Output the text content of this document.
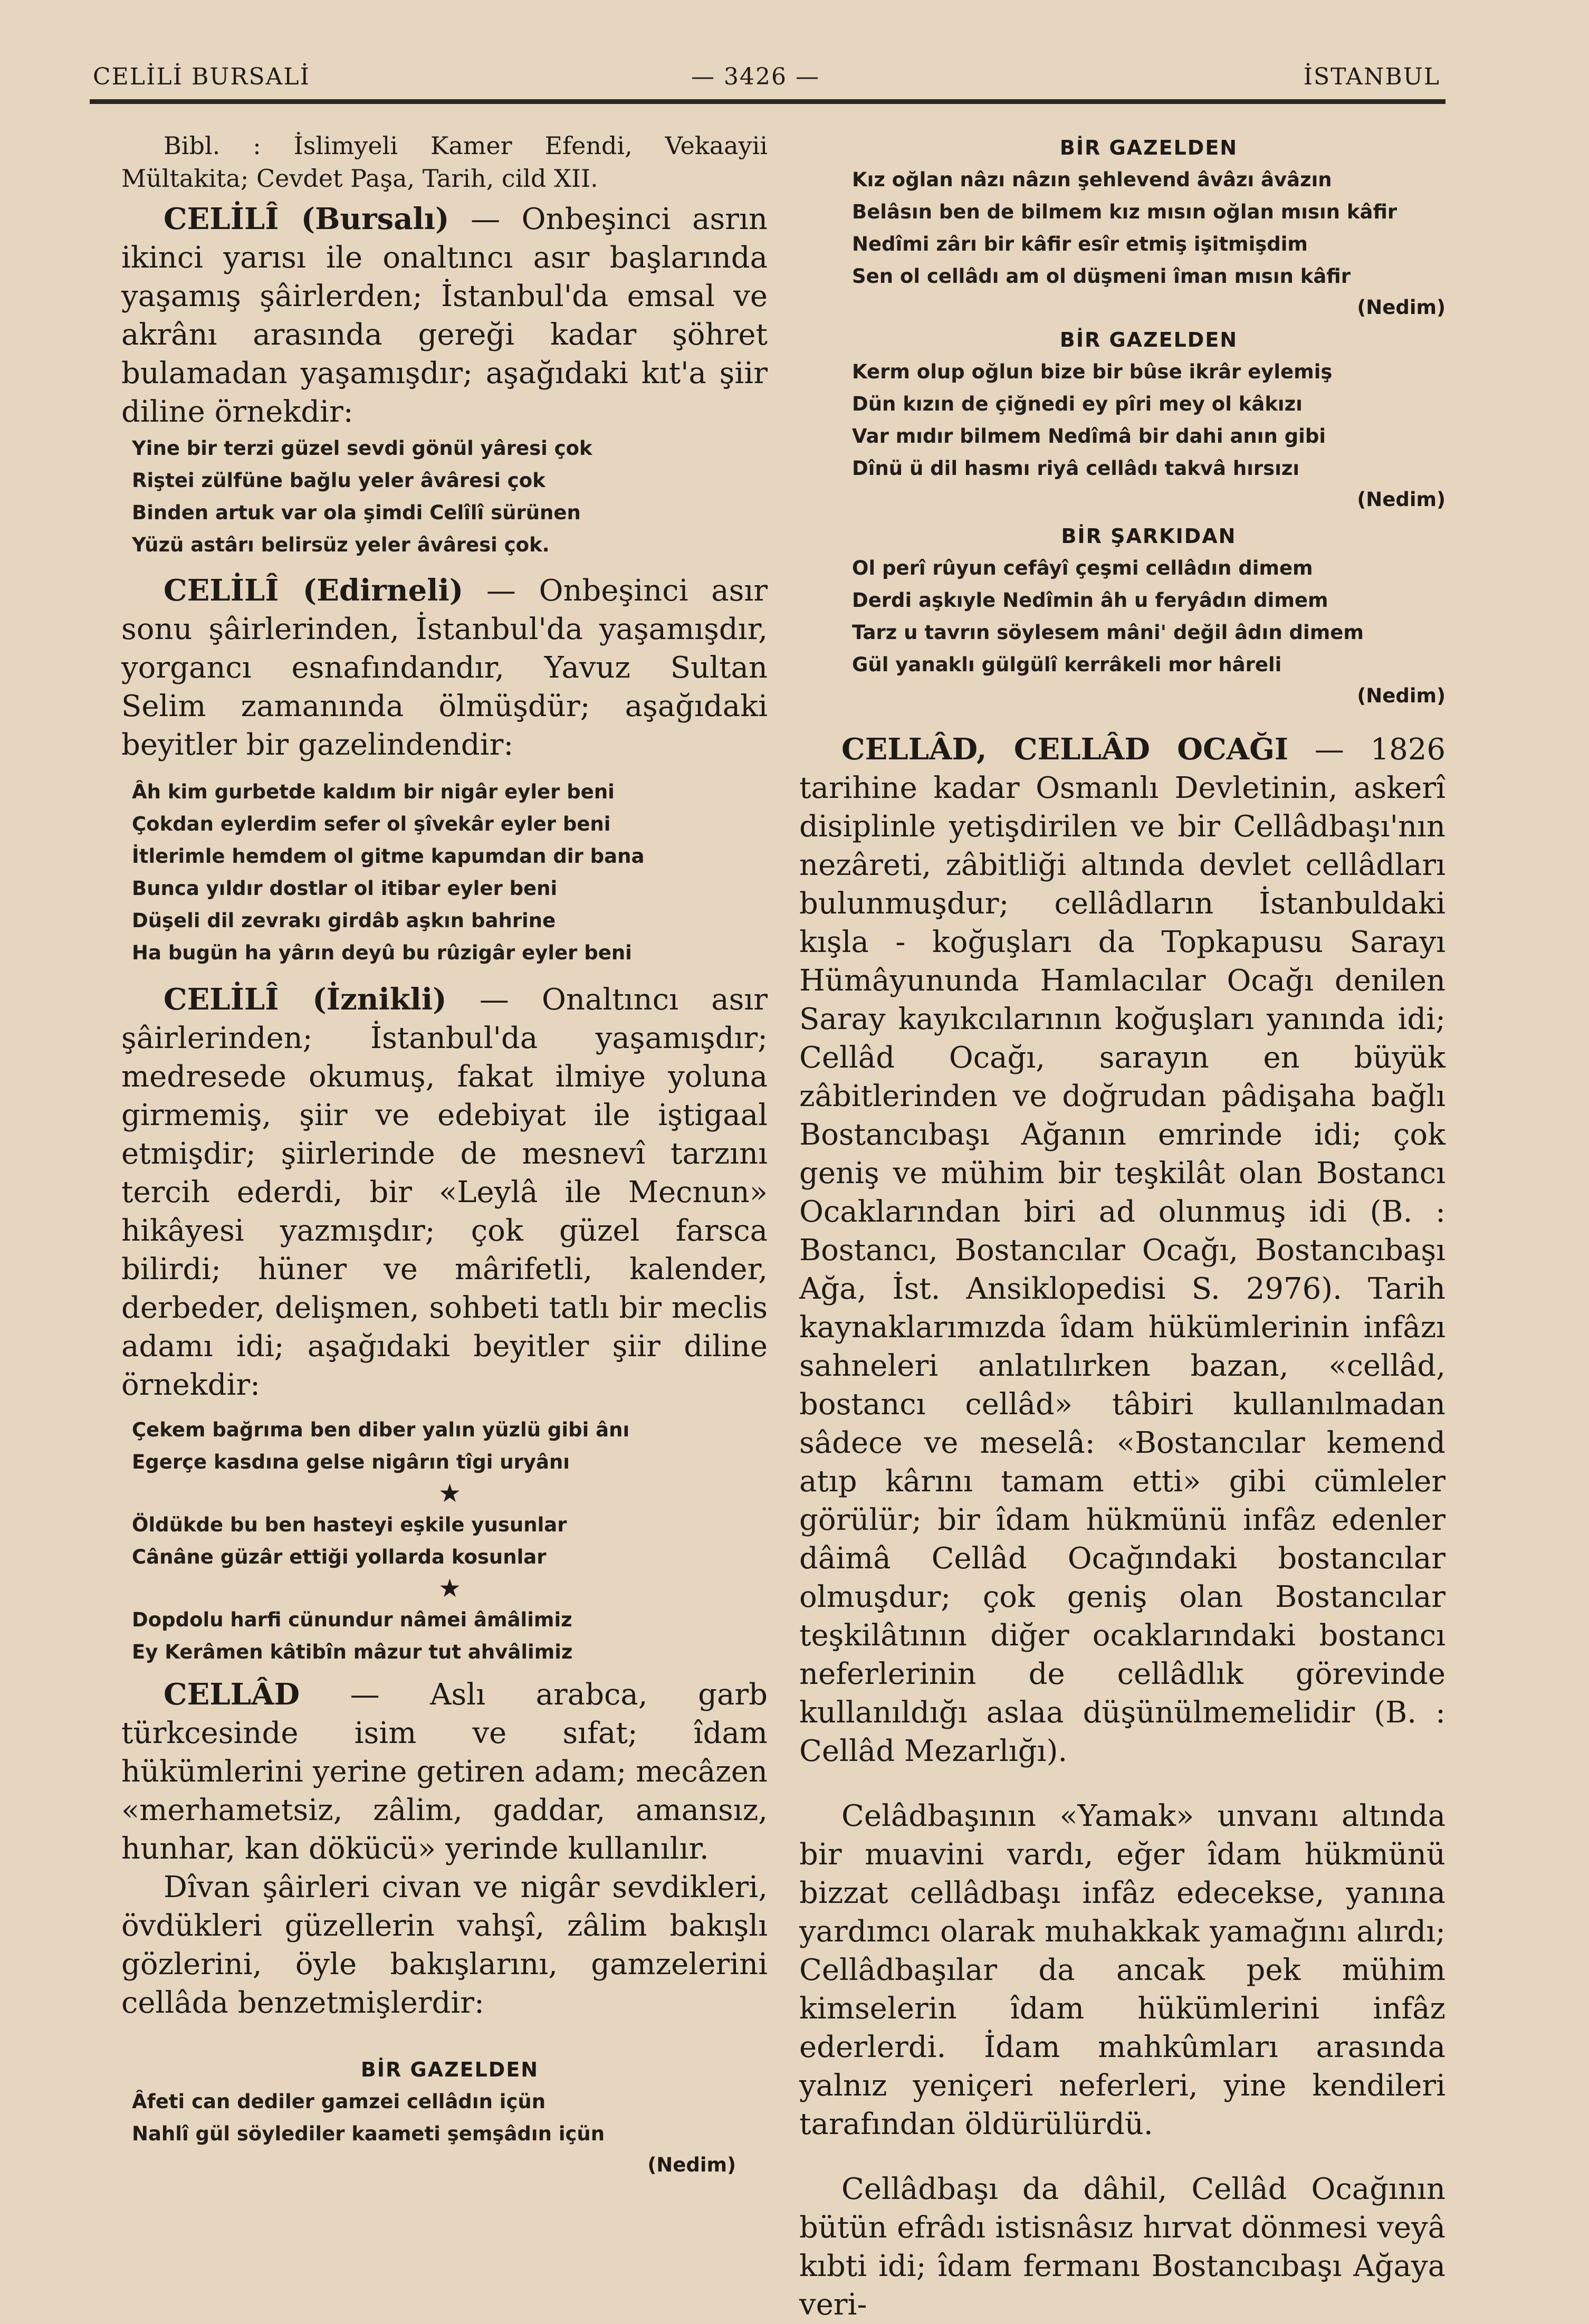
CELİLİ BURSALİ	— 3426 —	İSTANBUL

Bibl. : İslimyeli Kamer Efendi, Vekaayii Mültakita; Cevdet Paşa, Tarih, cild XII.

CELİLÎ (Bursalı) — Onbeşinci asrın ikinci yarısı ile onaltıncı asır başlarında yaşamış şâirlerden; İstanbul'da emsal ve akrânı arasında gereği kadar şöhret bulamadan yaşamışdır; aşağıdaki kıt'a şiir diline örnekdir:

Yine bir terzi güzel sevdi gönül yâresi çok
Riştei zülfüne bağlu yeler âvâresi çok
Binden artuk var ola şimdi Celîlî sürünen
Yüzü astârı belirsüz yeler âvâresi çok.

CELİLÎ (Edirneli) — Onbeşinci asır sonu şâirlerinden, İstanbul'da yaşamışdır, yorgancı esnafındandır, Yavuz Sultan Selim zamanında ölmüşdür; aşağıdaki beyitler bir gazelindendir:

Âh kim gurbetde kaldım bir nigâr eyler beni
Çokdan eylerdim sefer ol şîvekâr eyler beni
İtlerimle hemdem ol gitme kapumdan dir bana
Bunca yıldır dostlar ol itibar eyler beni
Düşeli dil zevrakı girdâb aşkın bahrine
Ha bugün ha yârın deyû bu rûzigâr eyler beni

CELİLÎ (İznikli) — Onaltıncı asır şâirlerinden; İstanbul'da yaşamışdır; medresede okumuş, fakat ilmiye yoluna girmemiş, şiir ve edebiyat ile iştigaal etmişdir; şiirlerinde de mesnevî tarzını tercih ederdi, bir «Leylâ ile Mecnun» hikâyesi yazmışdır; çok güzel farsca bilirdi; hüner ve mârifetli, kalender, derbeder, delişmen, sohbeti tatlı bir meclis adamı idi; aşağıdaki beyitler şiir diline örnekdir:

Çekem bağrıma ben diber yalın yüzlü gibi ânı
Egerçe kasdına gelse nigârın tîgi uryânı
★
Öldükde bu ben hasteyi eşkile yusunlar
Cânâne güzâr ettiği yollarda kosunlar
★
Dopdolu harfi cünundur nâmei âmâlimiz
Ey Kerâmen kâtibîn mâzur tut ahvâlimiz

CELLÂD — Aslı arabca, garb türkcesinde isim ve sıfat; îdam hükümlerini yerine getiren adam; mecâzen «merhametsiz, zâlim, gaddar, amansız, hunhar, kan dökücü» yerinde kullanılır.

Dîvan şâirleri civan ve nigâr sevdikleri, övdükleri güzellerin vahşî, zâlim bakışlı gözlerini, öyle bakışlarını, gamzelerini cellâda benzetmişlerdir:

BİR GAZELDEN
Âfeti can dediler gamzei cellâdın içün
Nahlî gül söylediler kaameti şemşâdın içün
(Nedim)
BİR GAZELDEN
Kız oğlan nâzı nâzın şehlevend âvâzı âvâzın
Belâsın ben de bilmem kız mısın oğlan mısın kâfir
Nedîmi zârı bir kâfir esîr etmiş işitmişdim
Sen ol cellâdı am ol düşmeni îman mısın kâfir
(Nedim)
BİR GAZELDEN
Kerm olup oğlun bize bir bûse ikrâr eylemiş
Dün kızın de çiğnedi ey pîri mey ol kâkızı
Var mıdır bilmem Nedîmâ bir dahi anın gibi
Dînü ü dil hasmı riyâ cellâdı takvâ hırsızı
(Nedim)
BİR ŞARKIDAN
Ol perî rûyun cefâyî çeşmi cellâdın dimem
Derdi aşkıyle Nedîmin âh u feryâdın dimem
Tarz u tavrın söylesem mâni' değil âdın dimem
Gül yanaklı gülgülî kerrâkeli mor hâreli
(Nedim)

CELLÂD, CELLÂD OCAĞI — 1826 tarihine kadar Osmanlı Devletinin, askerî disiplinle yetişdirilen ve bir Cellâdbaşı'nın nezâreti, zâbitliği altında devlet cellâdları bulunmuşdur; cellâdların İstanbuldaki kışla - koğuşları da Topkapusu Sarayı Hümâyununda Hamlacılar Ocağı denilen Saray kayıkcılarının koğuşları yanında idi; Cellâd Ocağı, sarayın en büyük zâbitlerinden ve doğrudan pâdişaha bağlı Bostancıbaşı Ağanın emrinde idi; çok geniş ve mühim bir teşkilât olan Bostancı Ocaklarından biri ad olunmuş idi (B. : Bostancı, Bostancılar Ocağı, Bostancıbaşı Ağa, İst. Ansiklopedisi S. 2976). Tarih kaynaklarımızda îdam hükümlerinin infâzı sahneleri anlatılırken bazan, «cellâd, bostancı cellâd» tâbiri kullanılmadan sâdece ve meselâ: «Bostancılar kemend atıp kârını tamam etti» gibi cümleler görülür; bir îdam hükmünü infâz edenler dâimâ Cellâd Ocağındaki bostancılar olmuşdur; çok geniş olan Bostancılar teşkilâtının diğer ocaklarındaki bostancı neferlerinin de cellâdlık görevinde kullanıldığı aslaa düşünülmemelidir (B. : Cellâd Mezarlığı).

Celâdbaşının «Yamak» unvanı altında bir muavini vardı, eğer îdam hükmünü bizzat cellâdbaşı infâz edecekse, yanına yardımcı olarak muhakkak yamağını alırdı; Cellâdbaşılar da ancak pek mühim kimselerin îdam hükümlerini infâz ederlerdi. İdam mahkûmları arasında yalnız yeniçeri neferleri, yine kendileri tarafından öldürülürdü.

Cellâdbaşı da dâhil, Cellâd Ocağının bütün efrâdı istisnâsız hırvat dönmesi veyâ kıbti idi; îdam fermanı Bostancıbaşı Ağaya veri-
